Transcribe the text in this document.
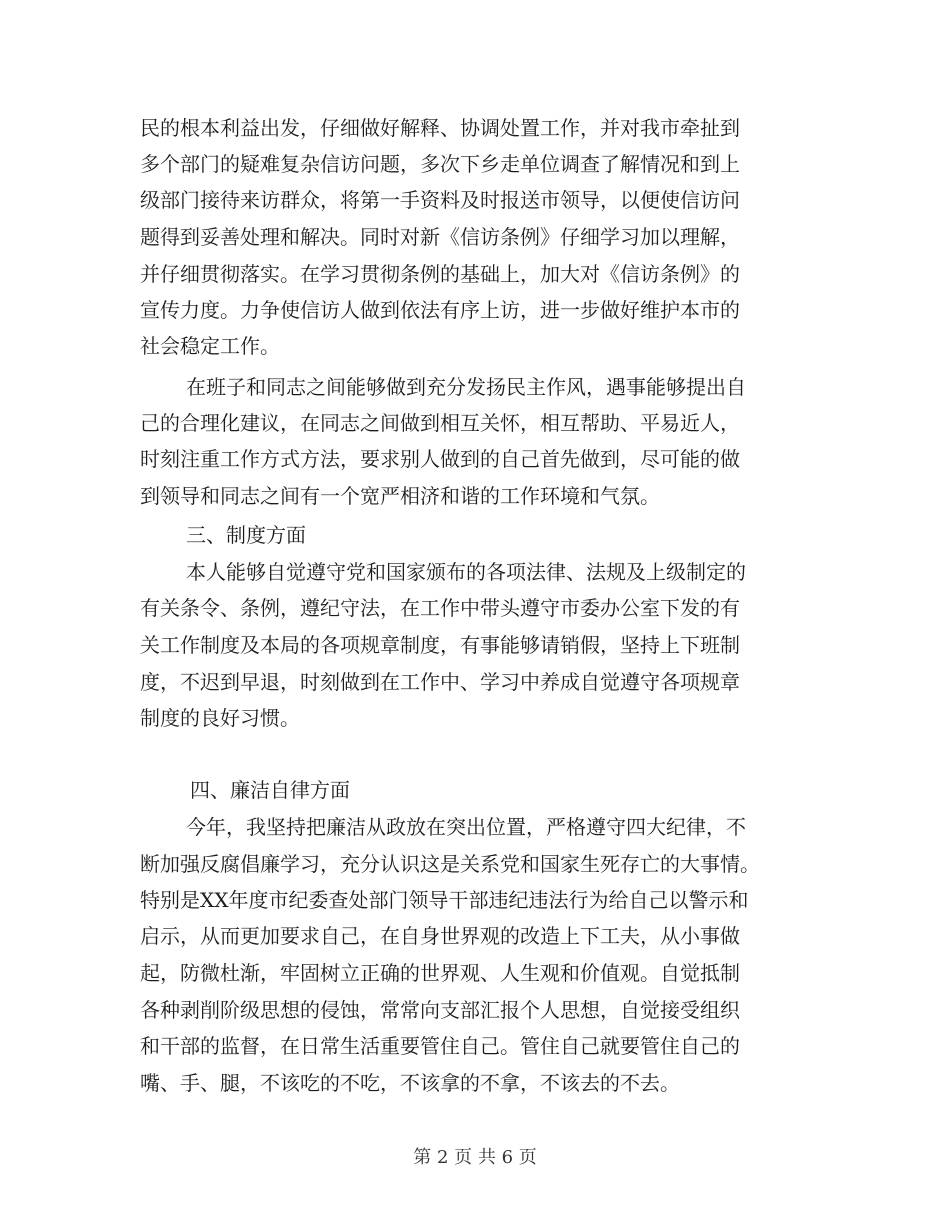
民的根本利益出发，仔细做好解释、协调处置工作，并对我市牵扯到
多个部门的疑难复杂信访问题，多次下乡走单位调查了解情况和到上
级部门接待来访群众，将第一手资料及时报送市领导，以便使信访问
题得到妥善处理和解决。同时对新《信访条例》仔细学习加以理解，
并仔细贯彻落实。在学习贯彻条例的基础上，加大对《信访条例》的
宣传力度。力争使信访人做到依法有序上访，进一步做好维护本市的
社会稳定工作。
在班子和同志之间能够做到充分发扬民主作风，遇事能够提出自
己的合理化建议，在同志之间做到相互关怀，相互帮助、平易近人，
时刻注重工作方式方法，要求别人做到的自己首先做到，尽可能的做
到领导和同志之间有一个宽严相济和谐的工作环境和气氛。
三、制度方面
本人能够自觉遵守党和国家颁布的各项法律、法规及上级制定的
有关条令、条例，遵纪守法，在工作中带头遵守市委办公室下发的有
关工作制度及本局的各项规章制度，有事能够请销假，坚持上下班制
度，不迟到早退，时刻做到在工作中、学习中养成自觉遵守各项规章
制度的良好习惯。
四、廉洁自律方面
今年，我坚持把廉洁从政放在突出位置，严格遵守四大纪律，不
断加强反腐倡廉学习，充分认识这是关系党和国家生死存亡的大事情。
特别是XX年度市纪委查处部门领导干部违纪违法行为给自己以警示和
启示，从而更加要求自己，在自身世界观的改造上下工夫，从小事做
起，防微杜渐，牢固树立正确的世界观、人生观和价值观。自觉抵制
各种剥削阶级思想的侵蚀，常常向支部汇报个人思想，自觉接受组织
和干部的监督，在日常生活重要管住自己。管住自己就要管住自己的
嘴、手、腿，不该吃的不吃，不该拿的不拿，不该去的不去。
第 2 页 共 6 页
